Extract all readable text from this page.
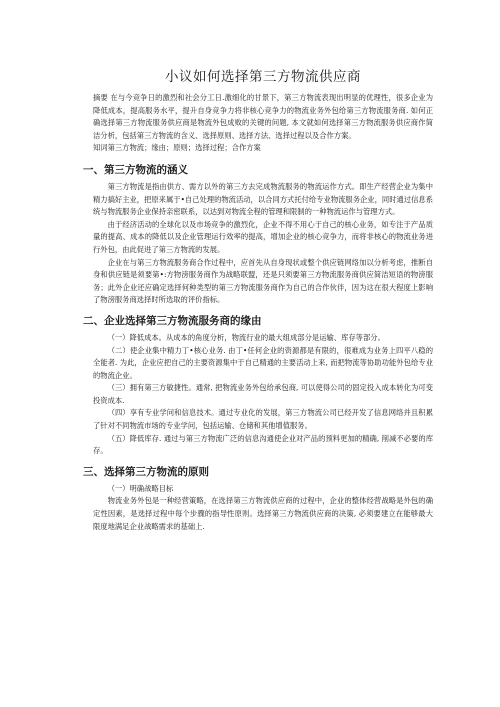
小议如何选择第三方物流供应商

摘要 在与今竞争日的激烈和社会分工日.激细化的甘景下，第三方物流表现出明显的优理性，很多企业为降低成本，提高服务水平，提升自身竞争力将非核心竞争力的物流业务外包给第三方物流服务商. 如何正确选择第三方物流服务供应商是物流外包成败的关键的问题, 本文就如何选择第三方物流服务供应商作简洁分析，包括第三方物流的含义、选择原则、选择方法、选择过程以及合作方案。

知词第三方物流；缘由；原则；选择过程；合作方案

一、第三方物流的涵义

第三方物流是指由供方、需方以外的第三方去完成物流服务的物流运作方式。即生产经营企业为集中精力搞好主业，把原来属于•自己处理的物流活动，以合同方式托付给专业物流服务企业，同时通过信息系统与物流服务企业保持亲密联系，以达到对物流全程的管理和限制的一种物流运作与管理方式。

由于经济活动的全球化以及市场竞争的激烈化，企业不得不用心于自己的核心业务，如专注于产品质量的提高、成本的降低以及企业管理运行效率的提高，增加企业的核心竞争力，而将非核心的物流业务进行外包，由此促进了第三方物流的发展。

企业在与第三方物流服务商合作过程中，应首先从自身现状或整个供应链网络加以分析考虑，推断自身和供应链是须要第•:方物滂服务商作为战略联盟，还是只须要第三方物流服务商供应简洁短语的物滂服务；此外企业还应确定选择何种类型的第三方物流服务商作为自己的合作伙伴，因为这在很大程度上影响了物滂服务商选择时所选取的评价指标。

二、企业选择第三方物流服务商的缘由

（一）降低成本。从成本的角度分析，物流行业的最大组成部分是运输、库存等部分。

（二）使企业集中精力丁•核心业务. 由丁•任何企业的资源都是有限的，很难成为业务上四平八稳的全能者. 为此，企业应把自己的主要资源集中于自己精通的主要活动上来, 而把物流等协助功能外包给专业的物流企业。

（三）拥有第三方敏捷性。通常, 把物流业务外包给承包商, 可以使得公司的固定投入成本转化为可变投资成本.

（四）享有专业学问和信息技术。通过专业化的发展，第三方物流公司已经开发了信息网络并且积累了针对不同物流市场的专业学问，包括运输、仓储和其他增值服务。

（五）降低库存. 通过与第三方物流广泛的信息沟通使企业对产品的预料更加的精确, 削减不必要的库存。

三、选择第三方物流的原则

（一）明确战略目标

物流业务外包是一种经营策略，在选择第三方物流供应商的过程中，企业的整体经营战略是外包的确定性因素，是选择过程中每个步骤的指导性原则。选择第三方物流供应商的决策, 必须要建立在能够最大限度地满足企业战略需求的基础上.
